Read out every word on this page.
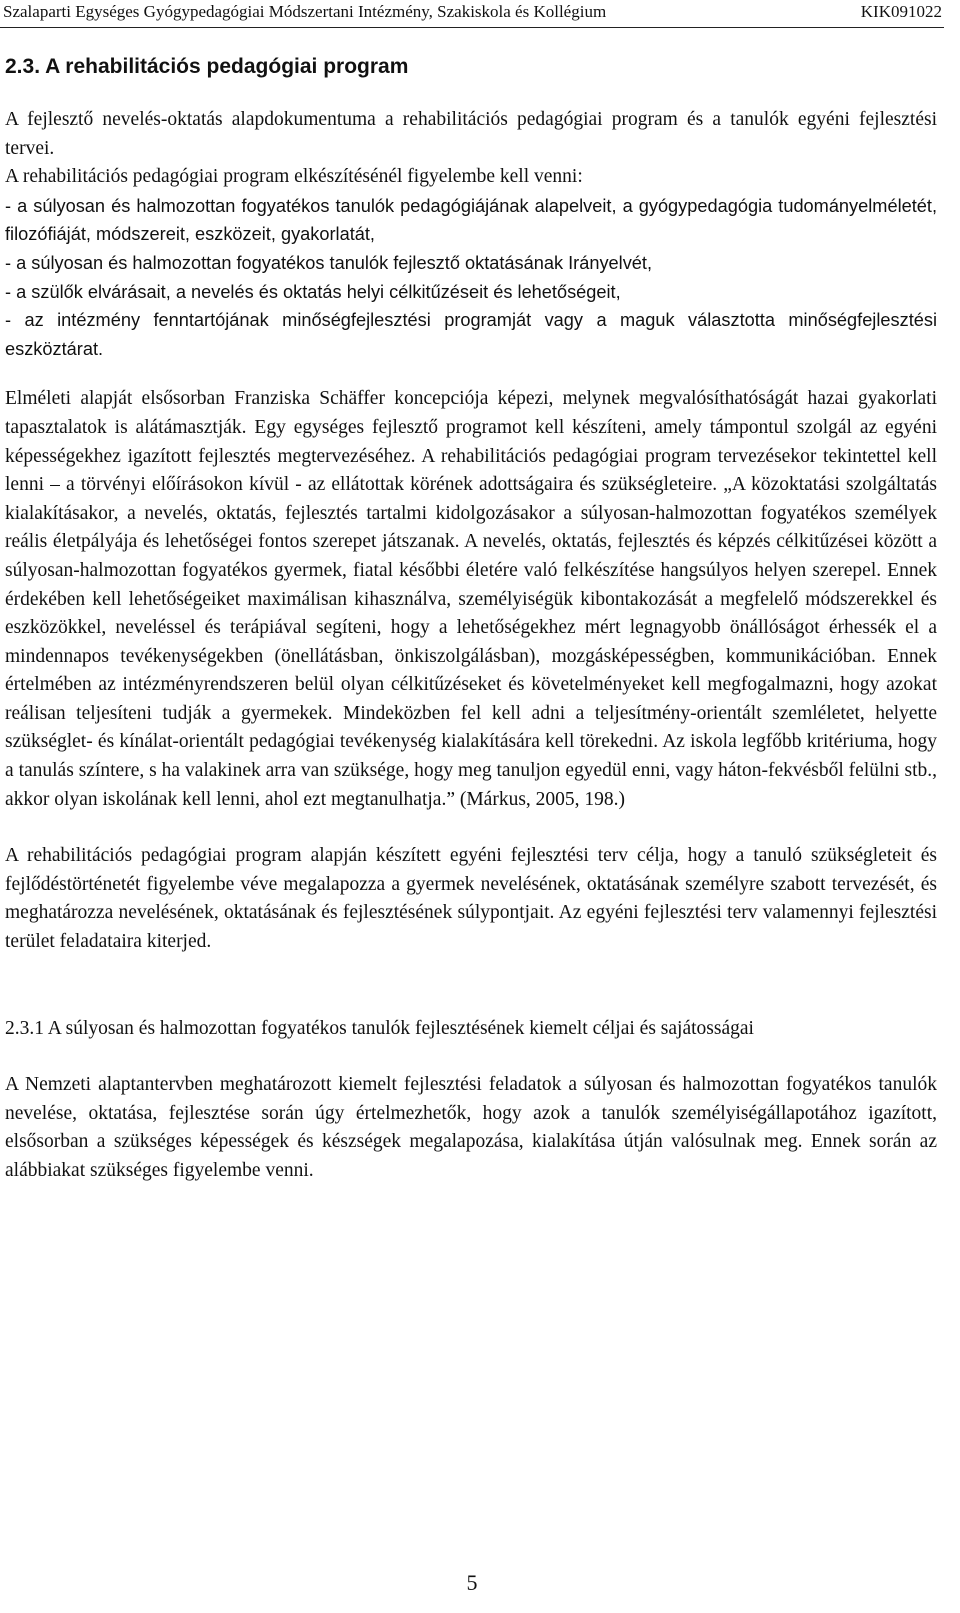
Szalaparti Egységes Gyógypedagógiai Módszertani Intézmény, Szakiskola és Kollégium	KIK091022
2.3. A rehabilitációs pedagógiai program

A fejlesztő nevelés-oktatás alapdokumentuma a rehabilitációs pedagógiai program és a tanulók egyéni fejlesztési tervei.

A rehabilitációs pedagógiai program elkészítésénél figyelembe kell venni:

- a súlyosan és halmozottan fogyatékos tanulók pedagógiájának alapelveit, a gyógypedagógia tudományelméletét, filozófiáját, módszereit, eszközeit, gyakorlatát,

- a súlyosan és halmozottan fogyatékos tanulók fejlesztő oktatásának Irányelvét,

- a szülők elvárásait, a nevelés és oktatás helyi célkitűzéseit és lehetőségeit,

- az intézmény fenntartójának minőségfejlesztési programját vagy a maguk választotta minőségfejlesztési eszköztárat.

Elméleti alapját elsősorban Franziska Schäffer koncepciója képezi, melynek megvalósíthatóságát hazai gyakorlati tapasztalatok is alátámasztják. Egy egységes fejlesztő programot kell készíteni, amely támpontul szolgál az egyéni képességekhez igazított fejlesztés megtervezéséhez. A rehabilitációs pedagógiai program tervezésekor tekintettel kell lenni – a törvényi előírásokon kívül - az ellátottak körének adottságaira és szükségleteire. „A közoktatási szolgáltatás kialakításakor, a nevelés, oktatás, fejlesztés tartalmi kidolgozásakor a súlyosan-halmozottan fogyatékos személyek reális életpályája és lehetőségei fontos szerepet játszanak. A nevelés, oktatás, fejlesztés és képzés célkitűzései között a súlyosan-halmozottan fogyatékos gyermek, fiatal későbbi életére való felkészítése hangsúlyos helyen szerepel. Ennek érdekében kell lehetőségeiket maximálisan kihasználva, személyiségük kibontakozását a megfelelő módszerekkel és eszközökkel, neveléssel és terápiával segíteni, hogy a lehetőségekhez mért legnagyobb önállóságot érhessék el a mindennapos tevékenységekben (önellátásban, önkiszolgálásban), mozgásképességben, kommunikációban. Ennek értelmében az intézményrendszeren belül olyan célkitűzéseket és követelményeket kell megfogalmazni, hogy azokat reálisan teljesíteni tudják a gyermekek. Mindeközben fel kell adni a teljesítmény-orientált szemléletet, helyette szükséglet- és kínálat-orientált pedagógiai tevékenység kialakítására kell törekedni. Az iskola legfőbb kritériuma, hogy a tanulás színtere, s ha valakinek arra van szüksége, hogy meg tanuljon egyedül enni, vagy háton-fekvésből felülni stb., akkor olyan iskolának kell lenni, ahol ezt megtanulhatja.” (Márkus, 2005, 198.)

A rehabilitációs pedagógiai program alapján készített egyéni fejlesztési terv célja, hogy a tanuló szükségleteit és fejlődéstörténetét figyelembe véve megalapozza a gyermek nevelésének, oktatásának személyre szabott tervezését, és meghatározza nevelésének, oktatásának és fejlesztésének súlypontjait. Az egyéni fejlesztési terv valamennyi fejlesztési terület feladataira kiterjed.

2.3.1 A súlyosan és halmozottan fogyatékos tanulók fejlesztésének kiemelt céljai és sajátosságai

A Nemzeti alaptantervben meghatározott kiemelt fejlesztési feladatok a súlyosan és halmozottan fogyatékos tanulók nevelése, oktatása, fejlesztése során úgy értelmezhetők, hogy azok a tanulók személyiségállapotához igazított, elsősorban a szükséges képességek és készségek megalapozása, kialakítása útján valósulnak meg. Ennek során az alábbiakat szükséges figyelembe venni.

5
